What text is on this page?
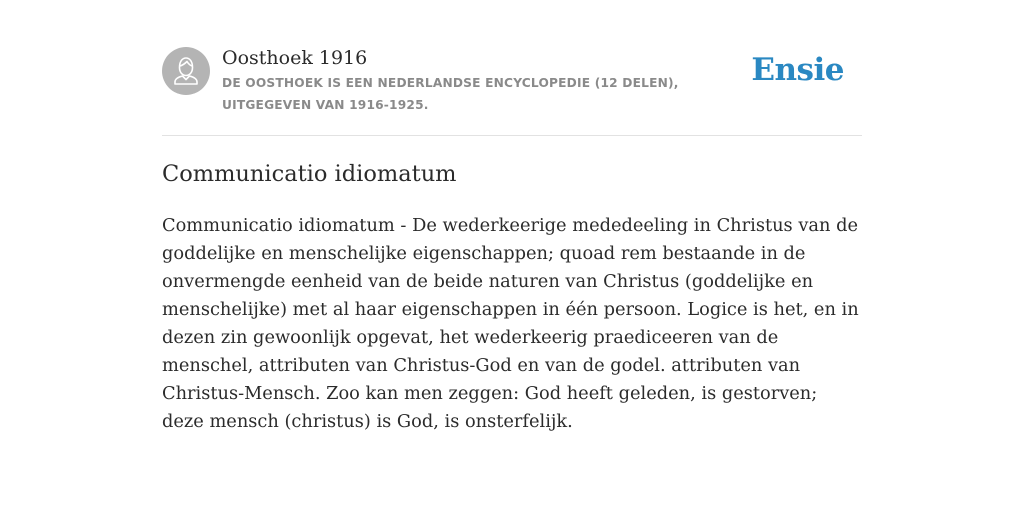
Oosthoek 1916
DE OOSTHOEK IS EEN NEDERLANDSE ENCYCLOPEDIE (12 DELEN), UITGEGEVEN VAN 1916-1925.
Ensie
Communicatio idiomatum

Communicatio idiomatum - De wederkeerige mededeeling in Christus van de goddelijke en menschelijke eigenschappen; quoad rem bestaande in de onvermengde eenheid van de beide naturen van Christus (goddelijke en menschelijke) met al haar eigenschappen in één persoon. Logice is het, en in dezen zin gewoonlijk opgevat, het wederkeerig praediceeren van de menschel, attributen van Christus-God en van de godel. attributen van Christus-Mensch. Zoo kan men zeggen: God heeft geleden, is gestorven; deze mensch (christus) is God, is onsterfelijk.
